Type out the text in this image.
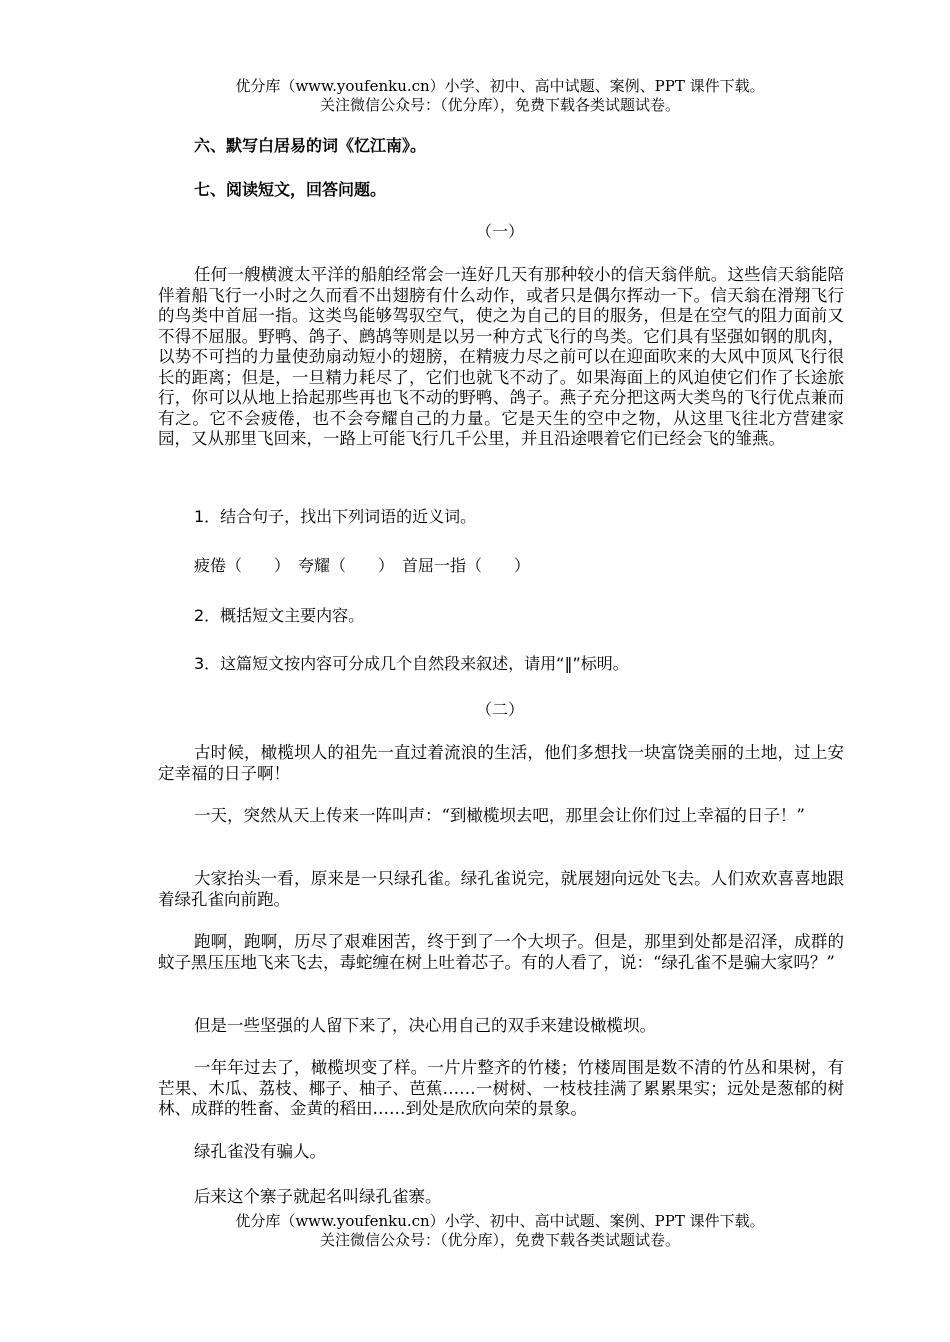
优分库（www.youfenku.cn）小学、初中、高中试题、案例、PPT 课件下载。
关注微信公众号：（优分库），免费下载各类试题试卷。
六、默写白居易的词《忆江南》。
七、阅读短文，回答问题。
（一）
任何一艘横渡太平洋的船舶经常会一连好几天有那种较小的信天翁伴航。这些信天翁能陪伴着船飞行一小时之久而看不出翅膀有什么动作，或者只是偶尔挥动一下。信天翁在滑翔飞行的鸟类中首屈一指。这类鸟能够驾驭空气，使之为自己的目的服务，但是在空气的阻力面前又不得不屈服。野鸭、鸽子、鹧鸪等则是以另一种方式飞行的鸟类。它们具有坚强如钢的肌肉，以势不可挡的力量使劲扇动短小的翅膀，在精疲力尽之前可以在迎面吹来的大风中顶风飞行很长的距离；但是，一旦精力耗尽了，它们也就飞不动了。如果海面上的风迫使它们作了长途旅行，你可以从地上拾起那些再也飞不动的野鸭、鸽子。燕子充分把这两大类鸟的飞行优点兼而有之。它不会疲倦，也不会夸耀自己的力量。它是天生的空中之物，从这里飞往北方营建家园，又从那里飞回来，一路上可能飞行几千公里，并且沿途喂着它们已经会飞的雏燕。
1．结合句子，找出下列词语的近义词。
疲倦（　　）　夸耀（　　）　首屈一指（　　）
2．概括短文主要内容。
3．这篇短文按内容可分成几个自然段来叙述，请用“‖”标明。
（二）
古时候，橄榄坝人的祖先一直过着流浪的生活，他们多想找一块富饶美丽的土地，过上安定幸福的日子啊！
一天，突然从天上传来一阵叫声：“到橄榄坝去吧，那里会让你们过上幸福的日子！”
大家抬头一看，原来是一只绿孔雀。绿孔雀说完，就展翅向远处飞去。人们欢欢喜喜地跟着绿孔雀向前跑。
跑啊，跑啊，历尽了艰难困苦，终于到了一个大坝子。但是，那里到处都是沼泽，成群的蚊子黑压压地飞来飞去，毒蛇缠在树上吐着芯子。有的人看了，说：“绿孔雀不是骗大家吗？”
但是一些坚强的人留下来了，决心用自己的双手来建设橄榄坝。
一年年过去了，橄榄坝变了样。一片片整齐的竹楼；竹楼周围是数不清的竹丛和果树，有芒果、木瓜、荔枝、椰子、柚子、芭蕉……一树树、一枝枝挂满了累累果实；远处是葱郁的树林、成群的牲畜、金黄的稻田……到处是欣欣向荣的景象。
绿孔雀没有骗人。
后来这个寨子就起名叫绿孔雀寨。
优分库（www.youfenku.cn）小学、初中、高中试题、案例、PPT 课件下载。
关注微信公众号：（优分库），免费下载各类试题试卷。
